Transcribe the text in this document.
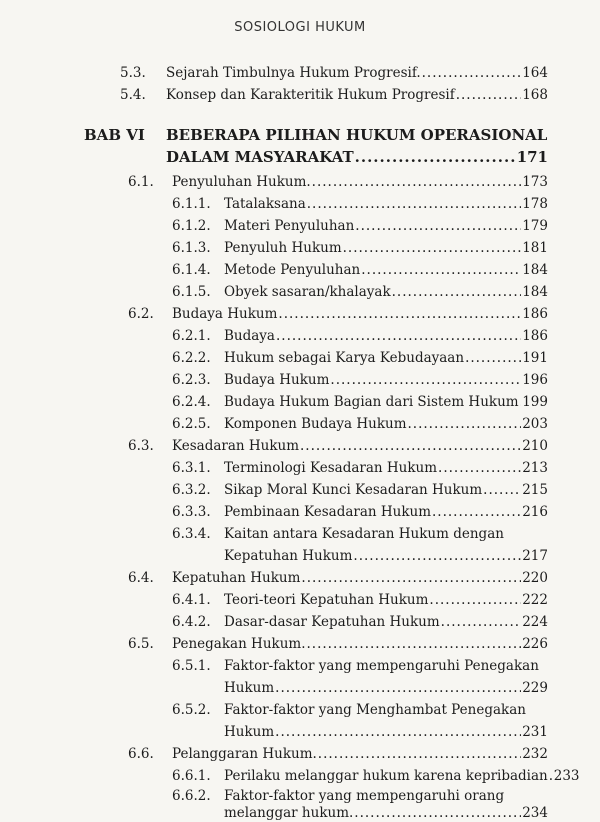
SOSIOLOGI HUKUM
5.3. Sejarah Timbulnya Hukum Progresif. .....	164
5.4. Konsep dan Karakteritik Hukum Progresif .....	168
BAB VI BEBERAPA PILIHAN HUKUM OPERASIONAL
DALAM MASYARAKAT .....	171
6.1. Penyuluhan Hukum. .....	173
6.1.1. Tatalaksana .....	178
6.1.2. Materi Penyuluhan .....	179
6.1.3. Penyuluh Hukum .....	181
6.1.4. Metode Penyuluhan .....	184
6.1.5. Obyek sasaran/khalayak .....	184
6.2. Budaya Hukum .....	186
6.2.1. Budaya .....	186
6.2.2. Hukum sebagai Karya Kebudayaan .....	191
6.2.3. Budaya Hukum .....	196
6.2.4. Budaya Hukum Bagian dari Sistem Hukum ..... 199
6.2.5. Komponen Budaya Hukum .....	203
6.3. Kesadaran Hukum .....	210
6.3.1. Terminologi Kesadaran Hukum .....	213
6.3.2. Sikap Moral Kunci Kesadaran Hukum .....	215
6.3.3. Pembinaan Kesadaran Hukum .....	216
6.3.4. Kaitan antara Kesadaran Hukum dengan
Kepatuhan Hukum .....	217
6.4. Kepatuhan Hukum .....	220
6.4.1. Teori-teori Kepatuhan Hukum .....	222
6.4.2. Dasar-dasar Kepatuhan Hukum .....	224
6.5. Penegakan Hukum. .....	226
6.5.1. Faktor-faktor yang mempengaruhi Penegakan
Hukum .....	229
6.5.2. Faktor-faktor yang Menghambat Penegakan
Hukum .....	231
6.6. Pelanggaran Hukum. .....	232
6.6.1. Perilaku melanggar hukum karena kepribadian ..... 233
6.6.2. Faktor-faktor yang mempengaruhi orang
melanggar hukum. .....	234
